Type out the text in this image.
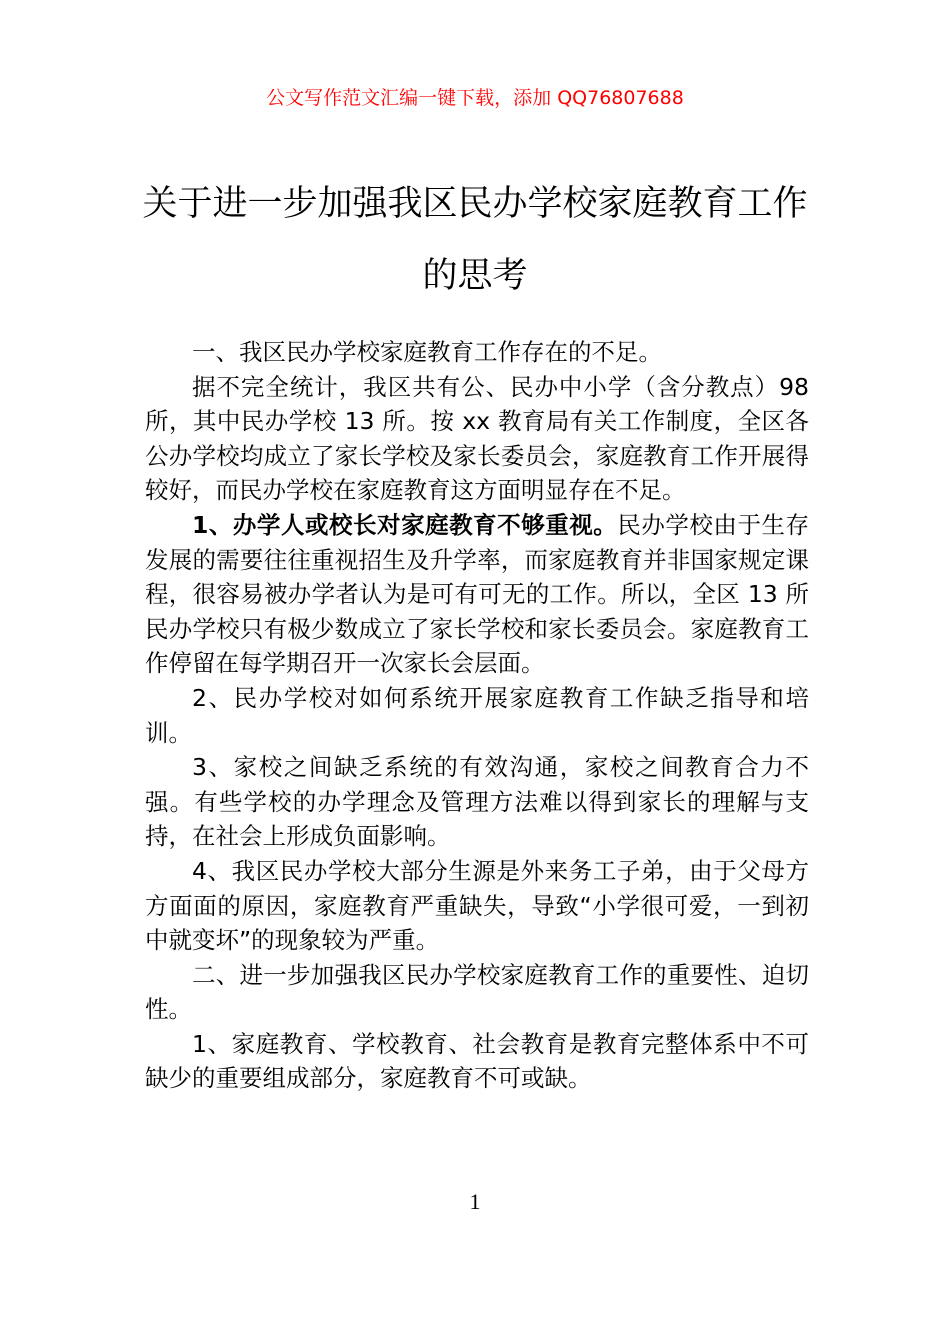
公文写作范文汇编一键下载，添加 QQ76807688
关于进一步加强我区民办学校家庭教育工作的思考

一、我区民办学校家庭教育工作存在的不足。

据不完全统计，我区共有公、民办中小学（含分教点）98 所，其中民办学校 13 所。按 xx 教育局有关工作制度，全区各公办学校均成立了家长学校及家长委员会，家庭教育工作开展得较好，而民办学校在家庭教育这方面明显存在不足。

1、办学人或校长对家庭教育不够重视。民办学校由于生存发展的需要往往重视招生及升学率，而家庭教育并非国家规定课程，很容易被办学者认为是可有可无的工作。所以，全区 13 所民办学校只有极少数成立了家长学校和家长委员会。家庭教育工作停留在每学期召开一次家长会层面。

2、民办学校对如何系统开展家庭教育工作缺乏指导和培训。

3、家校之间缺乏系统的有效沟通，家校之间教育合力不强。有些学校的办学理念及管理方法难以得到家长的理解与支持，在社会上形成负面影响。

4、我区民办学校大部分生源是外来务工子弟，由于父母方方面面的原因，家庭教育严重缺失，导致“小学很可爱，一到初中就变坏”的现象较为严重。

二、进一步加强我区民办学校家庭教育工作的重要性、迫切性。

1、家庭教育、学校教育、社会教育是教育完整体系中不可缺少的重要组成部分，家庭教育不可或缺。

1
